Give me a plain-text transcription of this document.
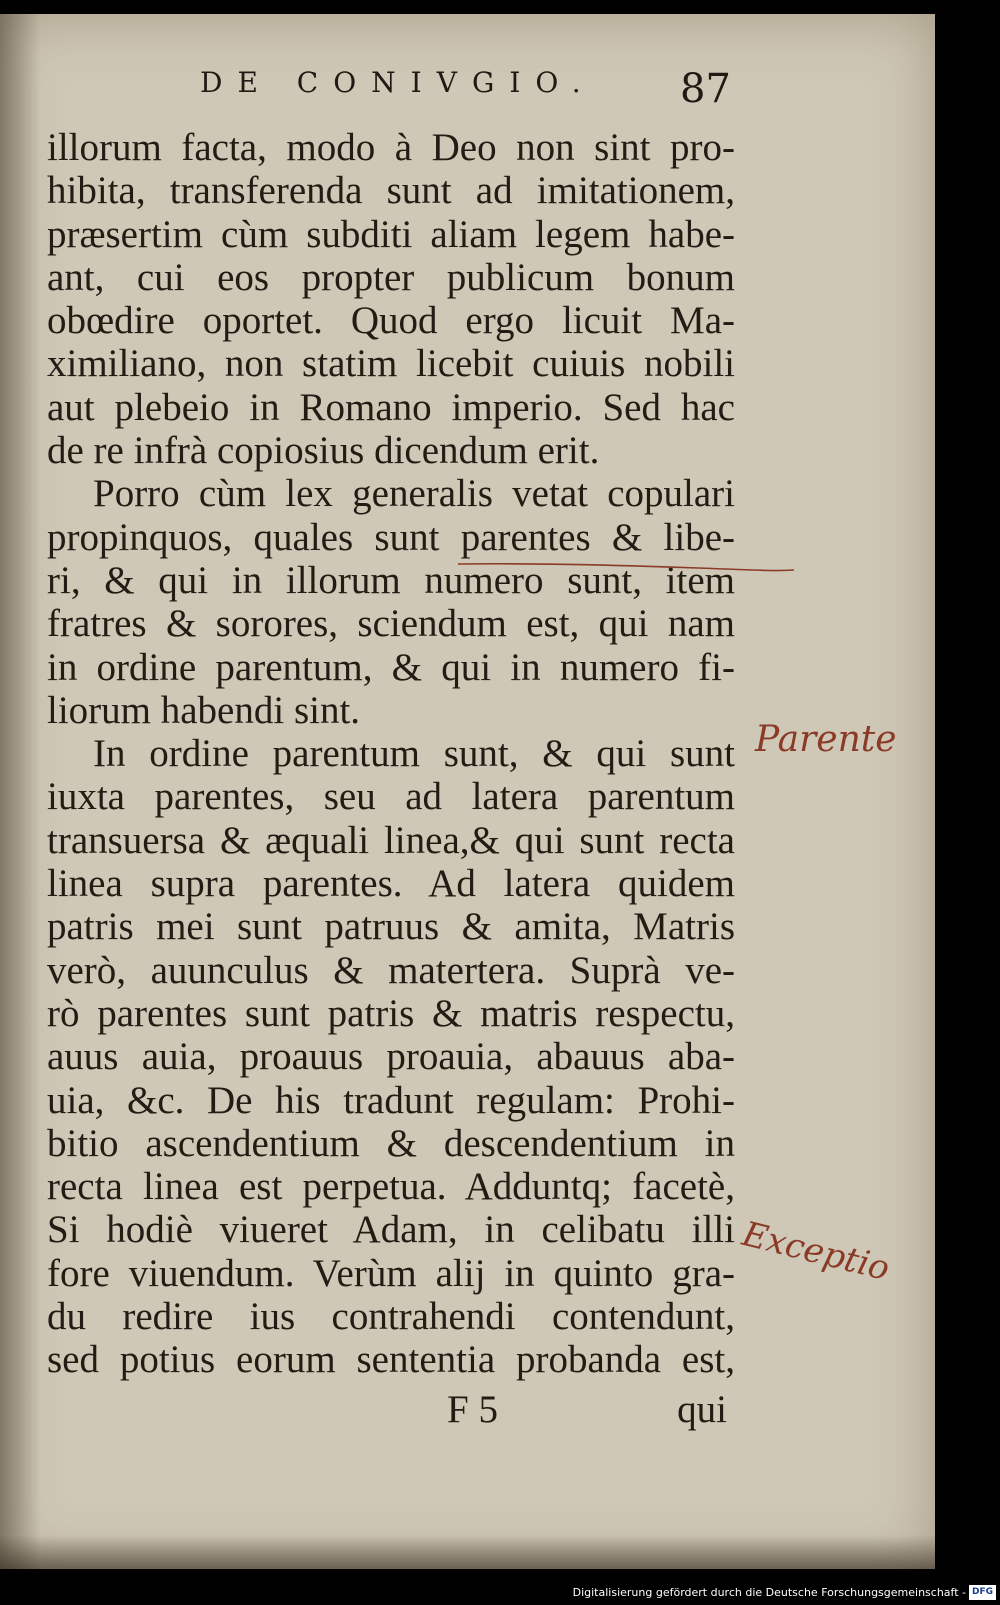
DE CONIVGIO. 87
illorum facta, modo à Deo non sint pro-
hibita, transferenda sunt ad imitationem,
præsertim cùm subditi aliam legem habe-
ant, cui eos propter publicum bonum
obœdire oportet. Quod ergo licuit Ma-
ximiliano, non statim licebit cuiuis nobili
aut plebeio in Romano imperio. Sed hac
de re infrà copiosius dicendum erit.
Porro cùm lex generalis vetat copulari
propinquos, quales sunt parentes & libe-
ri, & qui in illorum numero sunt, item
fratres & sorores, sciendum est, qui nam
in ordine parentum, & qui in numero fi-
liorum habendi sint.
In ordine parentum sunt, & qui sunt
iuxta parentes, seu ad latera parentum
transuersa & æquali linea,& qui sunt recta
linea supra parentes. Ad latera quidem
patris mei sunt patruus & amita, Matris
verò, auunculus & matertera. Suprà ve-
rò parentes sunt patris & matris respectu,
auus auia, proauus proauia, abauus aba-
uia, &c. De his tradunt regulam: Prohi-
bitio ascendentium & descendentium in
recta linea est perpetua. Adduntq; facetè,
Si hodiè viueret Adam, in celibatu illi
fore viuendum. Verùm alij in quinto gra-
du redire ius contrahendi contendunt,
sed potius eorum sententia probanda est,
F 5	qui
Parente
Exceptio
Digitalisierung gefördert durch die Deutsche Forschungsgemeinschaft - DFG
